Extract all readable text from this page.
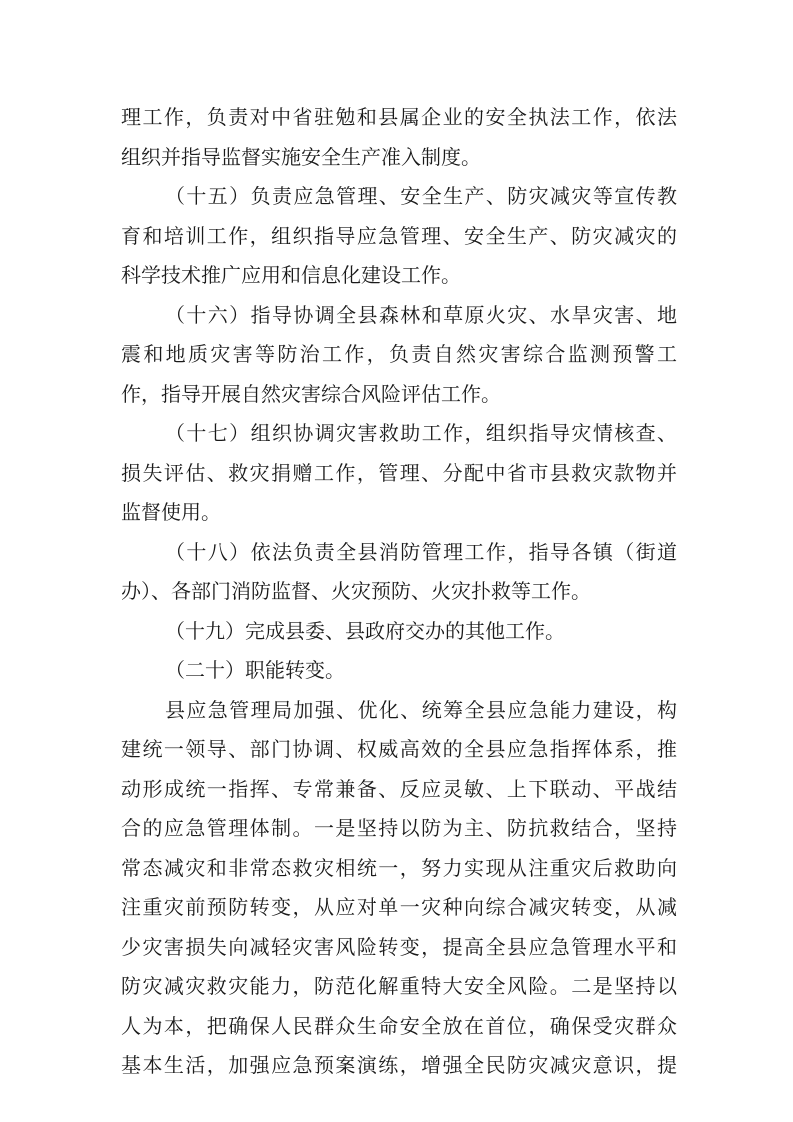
理工作，负责对中省驻勉和县属企业的安全执法工作，依法
组织并指导监督实施安全生产准入制度。
（十五）负责应急管理、安全生产、防灾减灾等宣传教
育和培训工作，组织指导应急管理、安全生产、防灾减灾的
科学技术推广应用和信息化建设工作。
（十六）指导协调全县森林和草原火灾、水旱灾害、地
震和地质灾害等防治工作，负责自然灾害综合监测预警工
作，指导开展自然灾害综合风险评估工作。
（十七）组织协调灾害救助工作，组织指导灾情核查、
损失评估、救灾捐赠工作，管理、分配中省市县救灾款物并
监督使用。
（十八）依法负责全县消防管理工作，指导各镇（街道
办）、各部门消防监督、火灾预防、火灾扑救等工作。
（十九）完成县委、县政府交办的其他工作。
（二十）职能转变。
县应急管理局加强、优化、统筹全县应急能力建设，构
建统一领导、部门协调、权威高效的全县应急指挥体系，推
动形成统一指挥、专常兼备、反应灵敏、上下联动、平战结
合的应急管理体制。一是坚持以防为主、防抗救结合，坚持
常态减灾和非常态救灾相统一，努力实现从注重灾后救助向
注重灾前预防转变，从应对单一灾种向综合减灾转变，从减
少灾害损失向减轻灾害风险转变，提高全县应急管理水平和
防灾减灾救灾能力，防范化解重特大安全风险。二是坚持以
人为本，把确保人民群众生命安全放在首位，确保受灾群众
基本生活，加强应急预案演练，增强全民防灾减灾意识，提
